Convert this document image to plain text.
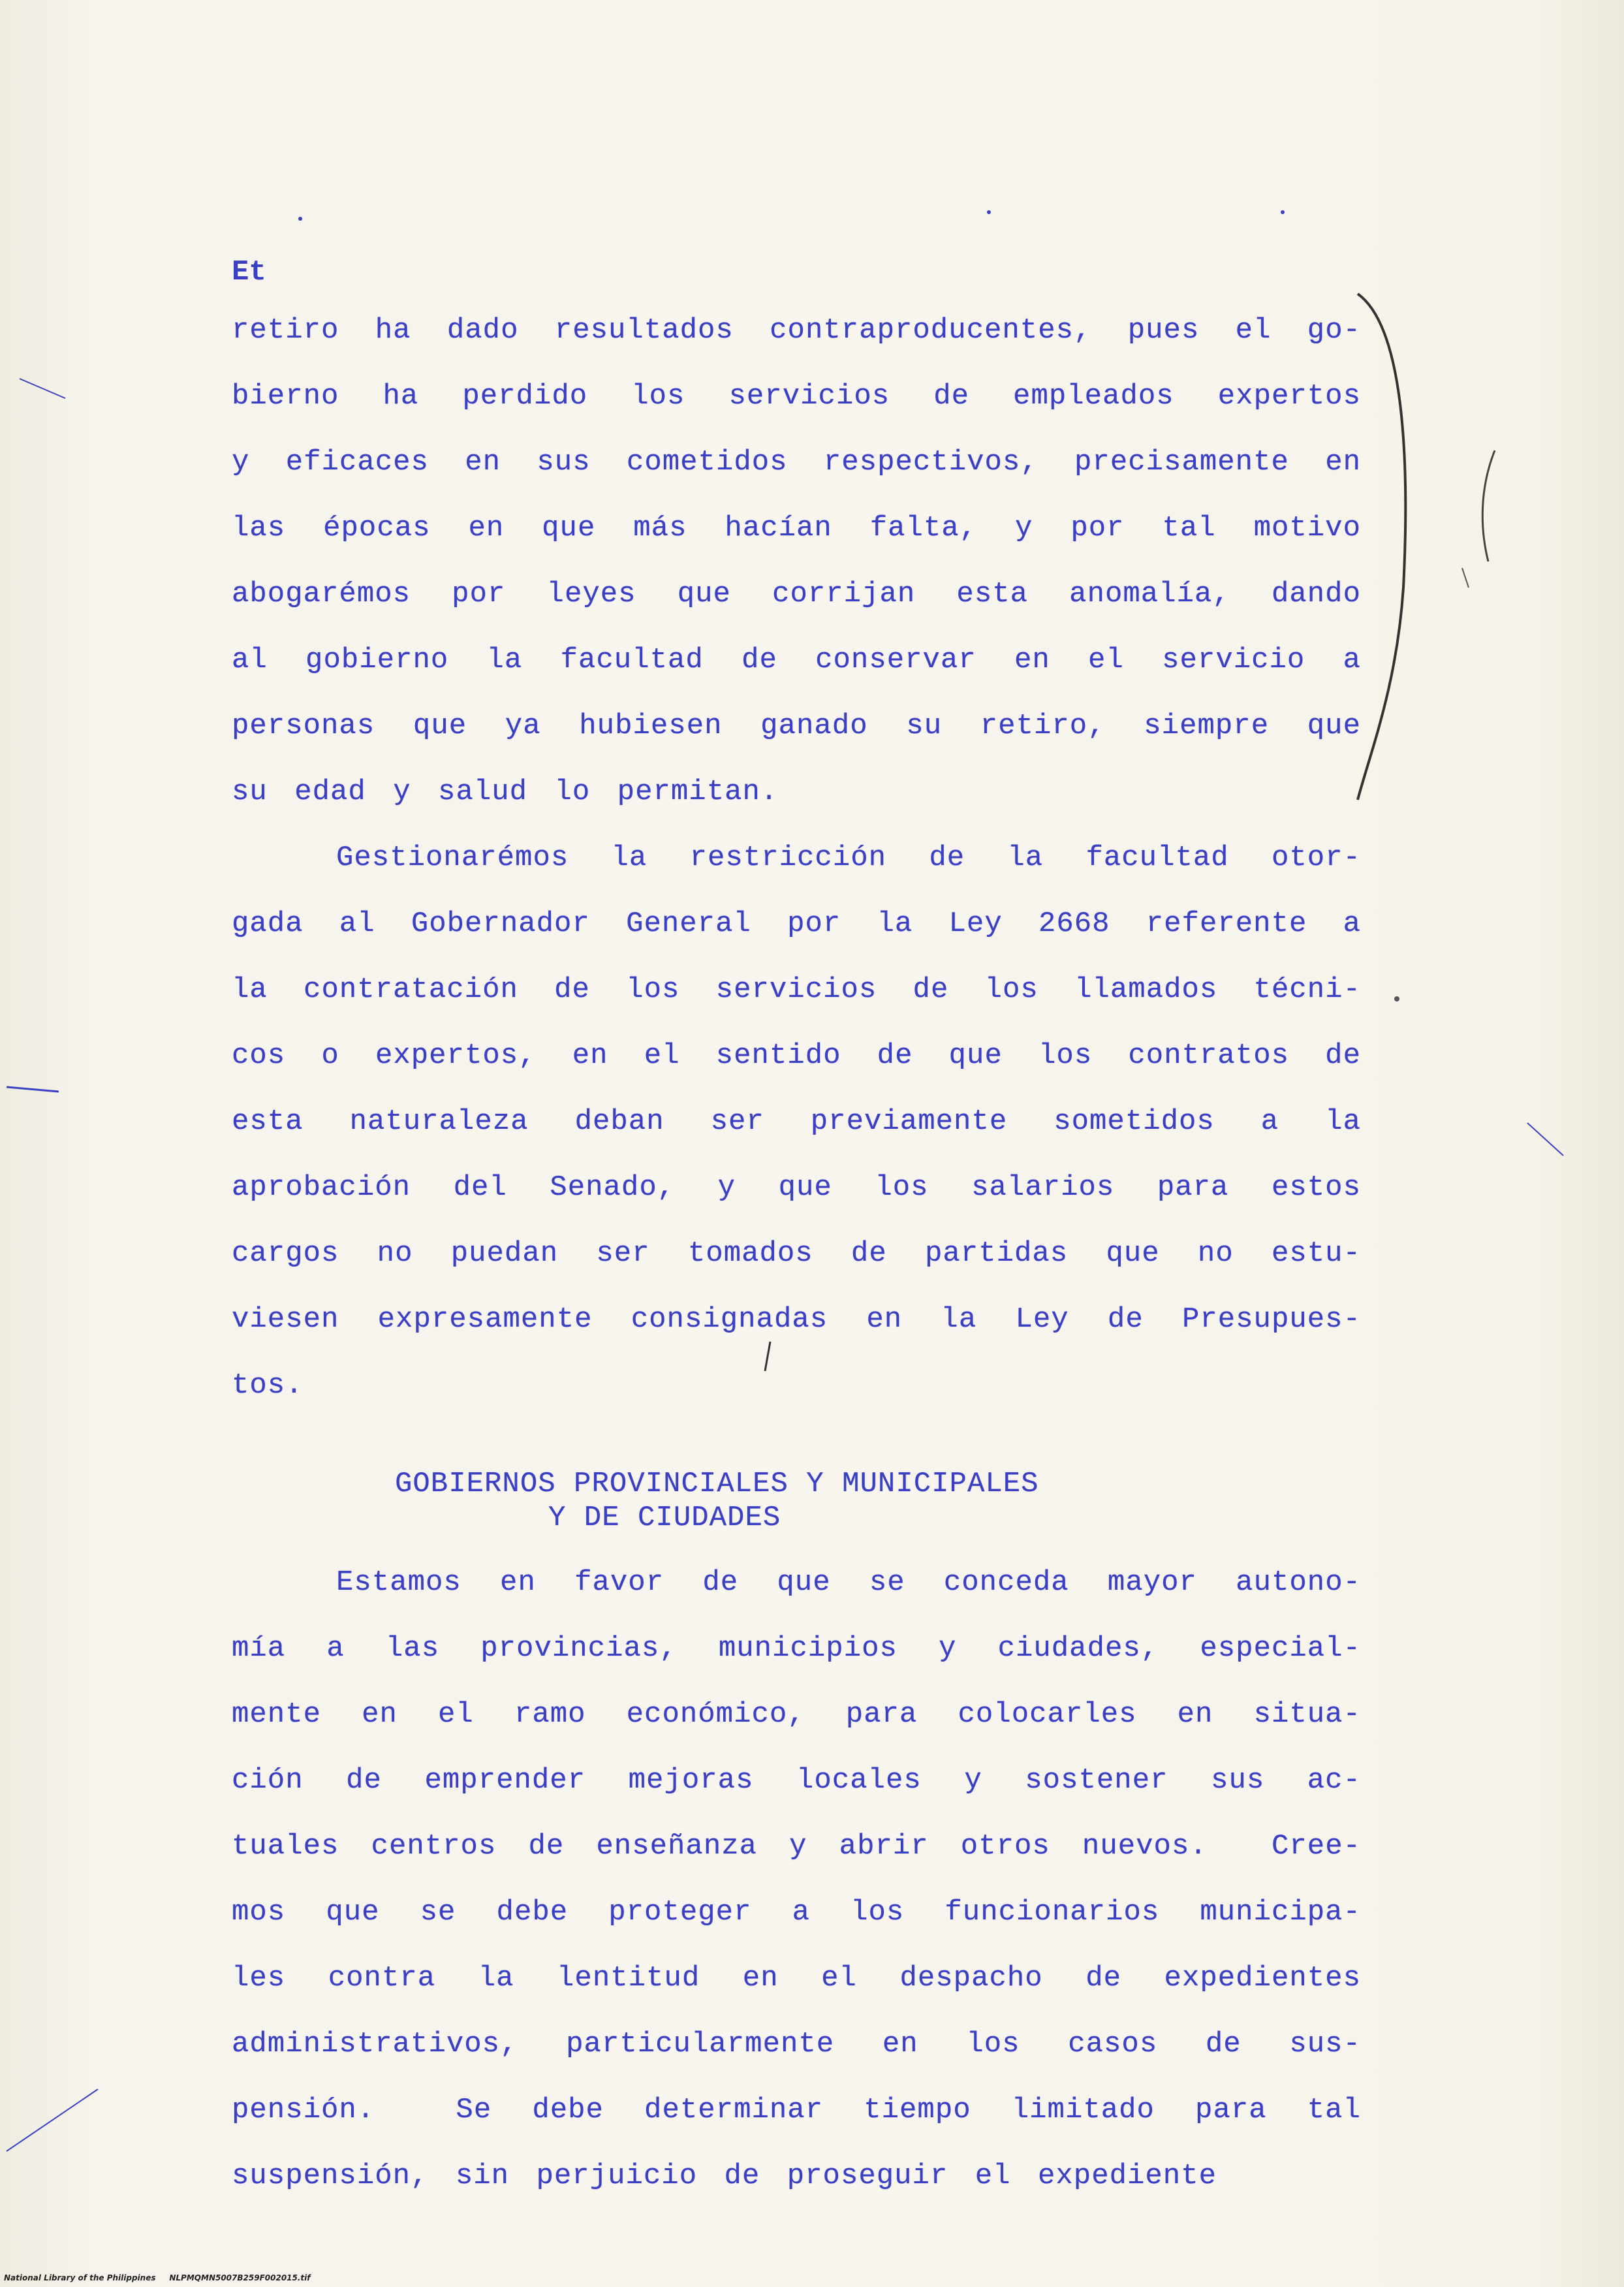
Et
retiro ha dado resultados contraproducentes, pues el go-
bierno ha perdido los servicios de empleados expertos
y eficaces en sus cometidos respectivos, precisamente en
las épocas en que más hacían falta, y por tal motivo
abogarémos por leyes que corrijan esta anomalía, dando
al gobierno la facultad de conservar en el servicio a
personas que ya hubiesen ganado su retiro, siempre que
su edad y salud lo permitan.
Gestionarémos la restricción de la facultad otor-
gada al Gobernador General por la Ley 2668 referente a
la contratación de los servicios de los llamados técni-
cos o expertos, en el sentido de que los contratos de
esta naturaleza deban ser previamente sometidos a la
aprobación del Senado, y que los salarios para estos
cargos no puedan ser tomados de partidas que no estu-
viesen expresamente consignadas en la Ley de Presupues-
tos.
GOBIERNOS PROVINCIALES Y MUNICIPALES
Y DE CIUDADES
Estamos en favor de que se conceda mayor autono-
mía a las provincias, municipios y ciudades, especial-
mente en el ramo económico, para colocarles en situa-
ción de emprender mejoras locales y sostener sus ac-
tuales centros de enseñanza y abrir otros nuevos.  Cree-
mos que se debe proteger a los funcionarios municipa-
les contra la lentitud en el despacho de expedientes
administrativos, particularmente en los casos de sus-
pensión.  Se debe determinar tiempo limitado para tal
suspensión, sin perjuicio de proseguir el expediente
National Library of the Philippines     NLPMQMN5007B259F002015.tif
